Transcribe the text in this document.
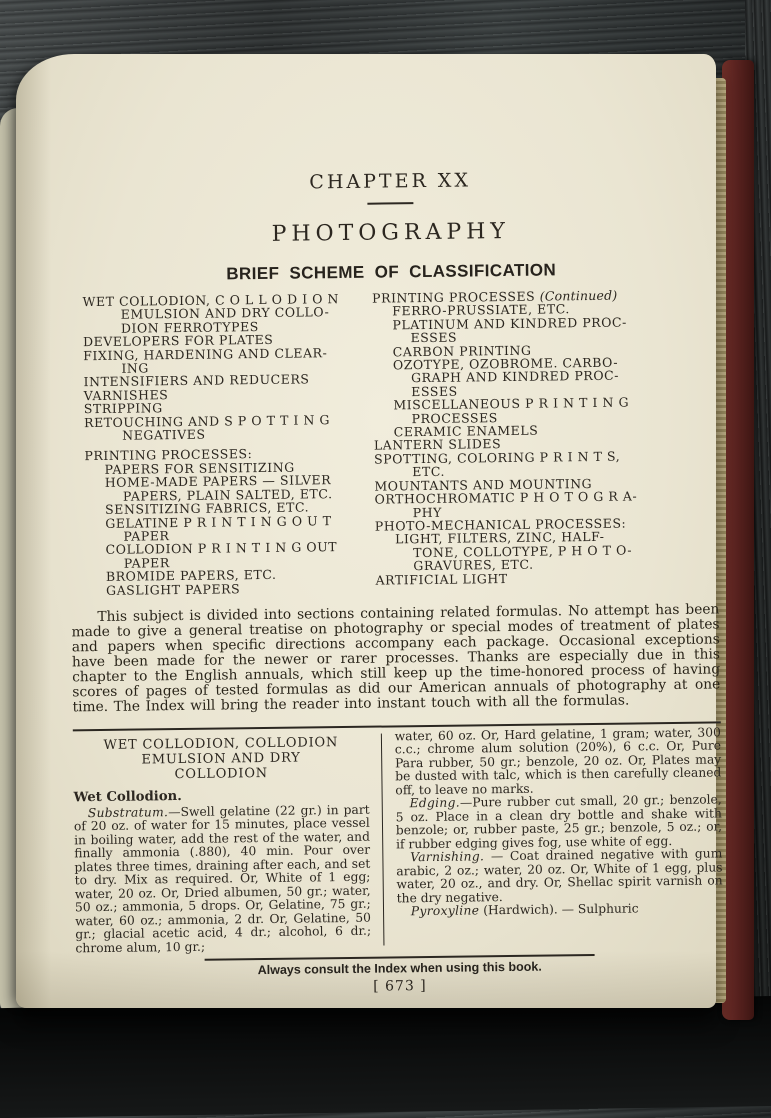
CHAPTER XX
PHOTOGRAPHY
BRIEF SCHEME OF CLASSIFICATION
WET COLLODION, C O L L O D I O N
EMULSION AND DRY COLLO-
DION FERROTYPES
DEVELOPERS FOR PLATES
FIXING, HARDENING AND CLEAR-
ING
INTENSIFIERS AND REDUCERS
VARNISHES
STRIPPING
RETOUCHING AND S P O T T I N G
NEGATIVES
PRINTING PROCESSES:
PAPERS FOR SENSITIZING
HOME-MADE PAPERS — SILVER
PAPERS, PLAIN SALTED, ETC.
SENSITIZING FABRICS, ETC.
GELATINE P R I N T I N G O U T
PAPER
COLLODION P R I N T I N G OUT
PAPER
BROMIDE PAPERS, ETC.
GASLIGHT PAPERS
PRINTING PROCESSES (Continued)
FERRO-PRUSSIATE, ETC.
PLATINUM AND KINDRED PROC-
ESSES
CARBON PRINTING
OZOTYPE, OZOBROME. CARBO-
GRAPH AND KINDRED PROC-
ESSES
MISCELLANEOUS P R I N T I N G
PROCESSES
CERAMIC ENAMELS
LANTERN SLIDES
SPOTTING, COLORING P R I N T S,
ETC.
MOUNTANTS AND MOUNTING
ORTHOCHROMATIC P H O T O G R A-
PHY
PHOTO-MECHANICAL PROCESSES:
LIGHT, FILTERS, ZINC, HALF-
TONE, COLLOTYPE, P H O T O-
GRAVURES, ETC.
ARTIFICIAL LIGHT

This subject is divided into sections containing related formulas. No attempt has been made to give a general treatise on photography or special modes of treatment of plates and papers when specific directions accompany each package. Occasional exceptions have been made for the newer or rarer processes. Thanks are especially due in this chapter to the English annuals, which still keep up the time-honored process of having scores of pages of tested formulas as did our American annuals of photography at one time. The Index will bring the reader into instant touch with all the formulas.

WET COLLODION, COLLODION
EMULSION AND DRY
COLLODION
Wet Collodion.

Substratum.—Swell gelatine (22 gr.) in part of 20 oz. of water for 15 minutes, place vessel in boiling water, add the rest of the water, and finally ammonia (.880), 40 min. Pour over plates three times, draining after each, and set to dry. Mix as required. Or, White of 1 egg; water, 20 oz. Or, Dried albumen, 50 gr.; water, 50 oz.; ammonia, 5 drops. Or, Gelatine, 75 gr.; water, 60 oz.; ammonia, 2 dr. Or, Gelatine, 50 gr.; glacial acetic acid, 4 dr.; alcohol, 6 dr.; chrome alum, 10 gr.;

water, 60 oz. Or, Hard gelatine, 1 gram; water, 300 c.c.; chrome alum solution (20%), 6 c.c. Or, Pure Para rubber, 50 gr.; benzole, 20 oz. Or, Plates may be dusted with talc, which is then carefully cleaned off, to leave no marks.

Edging.—Pure rubber cut small, 20 gr.; benzole, 5 oz. Place in a clean dry bottle and shake with benzole; or, rubber paste, 25 gr.; benzole, 5 oz.; or, if rubber edging gives fog, use white of egg.

Varnishing. — Coat drained negative with gum arabic, 2 oz.; water, 20 oz. Or, White of 1 egg, plus water, 20 oz., and dry. Or, Shellac spirit varnish on the dry negative.

Pyroxyline (Hardwich). — Sulphuric

Always consult the Index when using this book.
[ 673 ]
